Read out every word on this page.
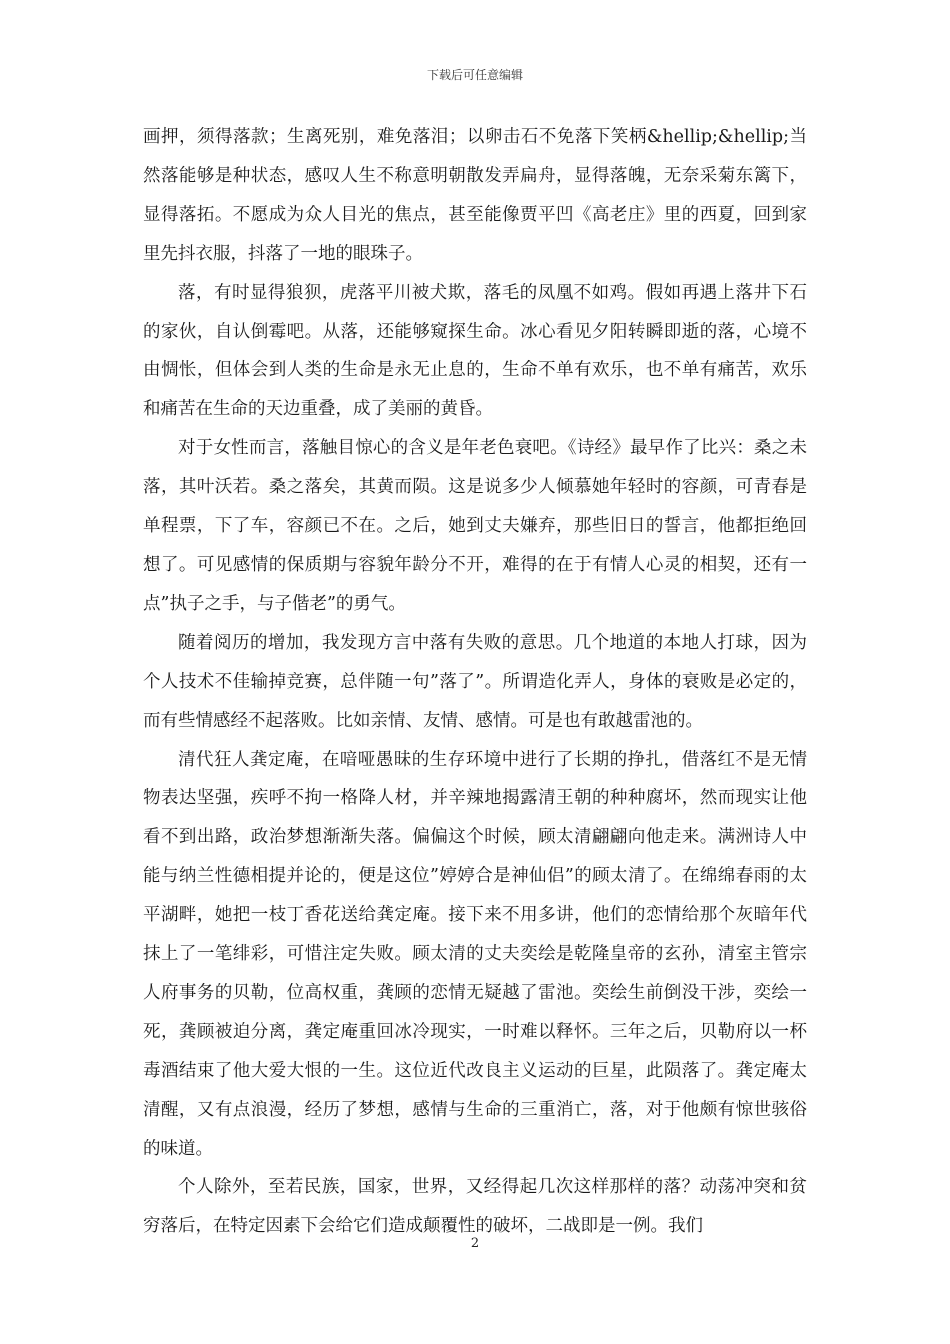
下载后可任意编辑

画押，须得落款；生离死别，难免落泪；以卵击石不免落下笑柄&hellip;&hellip;当然落能够是种状态，感叹人生不称意明朝散发弄扁舟，显得落魄，无奈采菊东篱下，显得落拓。不愿成为众人目光的焦点，甚至能像贾平凹《高老庄》里的西夏，回到家里先抖衣服，抖落了一地的眼珠子。

落，有时显得狼狈，虎落平川被犬欺，落毛的凤凰不如鸡。假如再遇上落井下石的家伙，自认倒霉吧。从落，还能够窥探生命。冰心看见夕阳转瞬即逝的落，心境不由惆怅，但体会到人类的生命是永无止息的，生命不单有欢乐，也不单有痛苦，欢乐和痛苦在生命的天边重叠，成了美丽的黄昏。

对于女性而言，落触目惊心的含义是年老色衰吧。《诗经》最早作了比兴：桑之未落，其叶沃若。桑之落矣，其黄而陨。这是说多少人倾慕她年轻时的容颜，可青春是单程票，下了车，容颜已不在。之后，她到丈夫嫌弃，那些旧日的誓言，他都拒绝回想了。可见感情的保质期与容貌年龄分不开，难得的在于有情人心灵的相契，还有一点”执子之手，与子偕老”的勇气。

随着阅历的增加，我发现方言中落有失败的意思。几个地道的本地人打球，因为个人技术不佳输掉竞赛，总伴随一句”落了”。所谓造化弄人，身体的衰败是必定的，而有些情感经不起落败。比如亲情、友情、感情。可是也有敢越雷池的。

清代狂人龚定庵，在喑哑愚昧的生存环境中进行了长期的挣扎，借落红不是无情物表达坚强，疾呼不拘一格降人材，并辛辣地揭露清王朝的种种腐坏，然而现实让他看不到出路，政治梦想渐渐失落。偏偏这个时候，顾太清翩翩向他走来。满洲诗人中能与纳兰性德相提并论的，便是这位”婷婷合是神仙侣”的顾太清了。在绵绵春雨的太平湖畔，她把一枝丁香花送给龚定庵。接下来不用多讲，他们的恋情给那个灰暗年代抹上了一笔绯彩，可惜注定失败。顾太清的丈夫奕绘是乾隆皇帝的玄孙，清室主管宗人府事务的贝勒，位高权重，龚顾的恋情无疑越了雷池。奕绘生前倒没干涉，奕绘一死，龚顾被迫分离，龚定庵重回冰冷现实，一时难以释怀。三年之后，贝勒府以一杯毒酒结束了他大爱大恨的一生。这位近代改良主义运动的巨星，此陨落了。龚定庵太清醒，又有点浪漫，经历了梦想，感情与生命的三重消亡，落，对于他颇有惊世骇俗的味道。

个人除外，至若民族，国家，世界，又经得起几次这样那样的落？动荡冲突和贫穷落后，在特定因素下会给它们造成颠覆性的破坏，二战即是一例。我们

2
